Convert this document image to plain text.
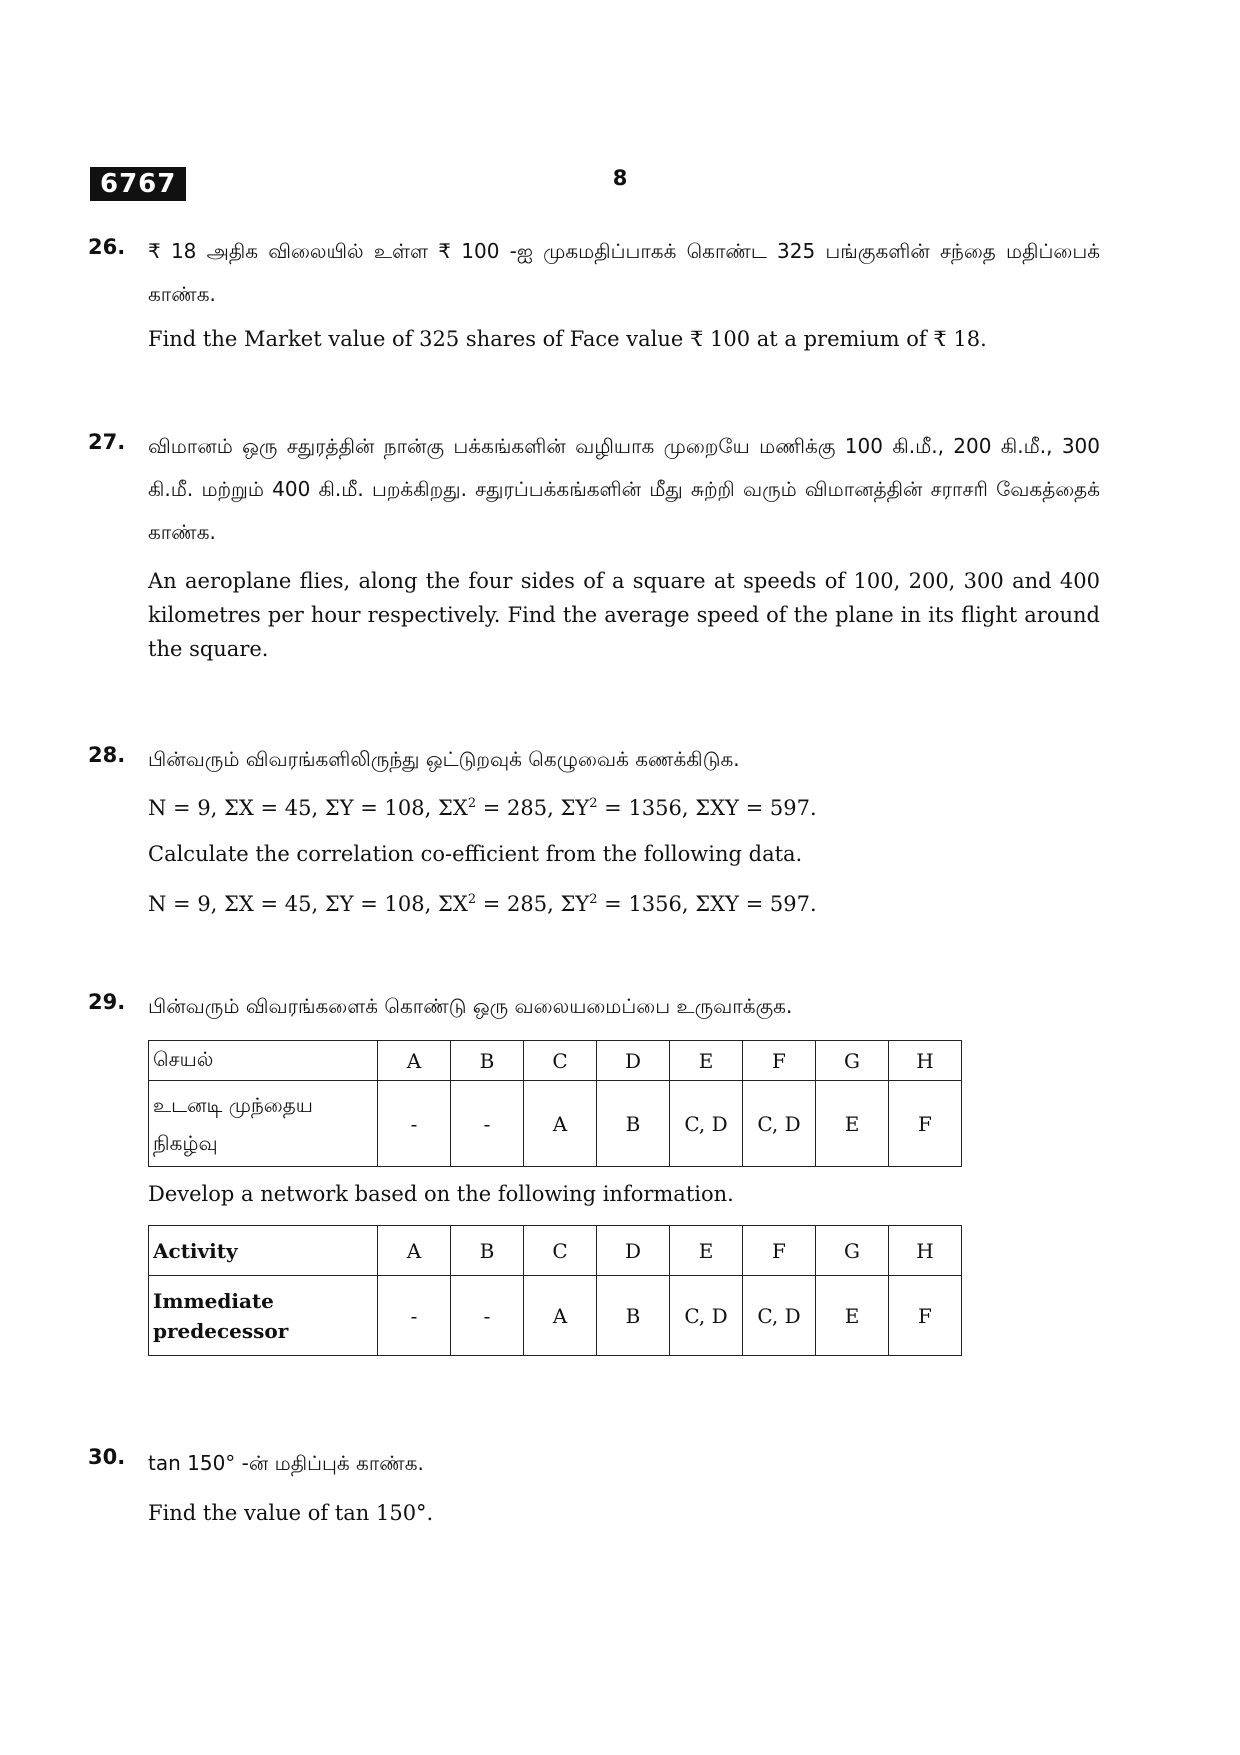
6767	8
26. ₹ 18 அதிக விலையில் உள்ள ₹ 100 -ஐ முகமதிப்பாகக் கொண்ட 325 பங்குகளின் சந்தை மதிப்பைக் காண்க.

Find the Market value of 325 shares of Face value ₹ 100 at a premium of ₹ 18.

27. விமானம் ஒரு சதுரத்தின் நான்கு பக்கங்களின் வழியாக முறையே மணிக்கு 100 கி.மீ., 200 கி.மீ., 300 கி.மீ. மற்றும் 400 கி.மீ. பறக்கிறது. சதுரப்பக்கங்களின் மீது சுற்றி வரும் விமானத்தின் சராசரி வேகத்தைக் காண்க.

An aeroplane flies, along the four sides of a square at speeds of 100, 200, 300 and 400 kilometres per hour respectively. Find the average speed of the plane in its flight around the square.

28. பின்வரும் விவரங்களிலிருந்து ஒட்டுறவுக் கெழுவைக் கணக்கிடுக.

N = 9, ΣX = 45, ΣY = 108, $\Sigma X^2 = 285$, $\Sigma Y^2 = 1356$, ΣXY = 597.

Calculate the correlation co-efficient from the following data.

N = 9, ΣX = 45, ΣY = 108, $\Sigma X^2 = 285$, $\Sigma Y^2 = 1356$, ΣXY = 597.

29. பின்வரும் விவரங்களைக் கொண்டு ஒரு வலையமைப்பை உருவாக்குக.

செயல்	A	B	C	D	E	F	G	H

உடனடி முந்தைய
நிகழ்வு	-	-	A	B	C, D	C, D	E	F

Develop a network based on the following information.

Activity	A	B	C	D	E	F	G	H

Immediate
predecessor	-	-	A	B	C, D	C, D	E	F
30. tan 150° -ன் மதிப்புக் காண்க.

Find the value of tan 150°.
